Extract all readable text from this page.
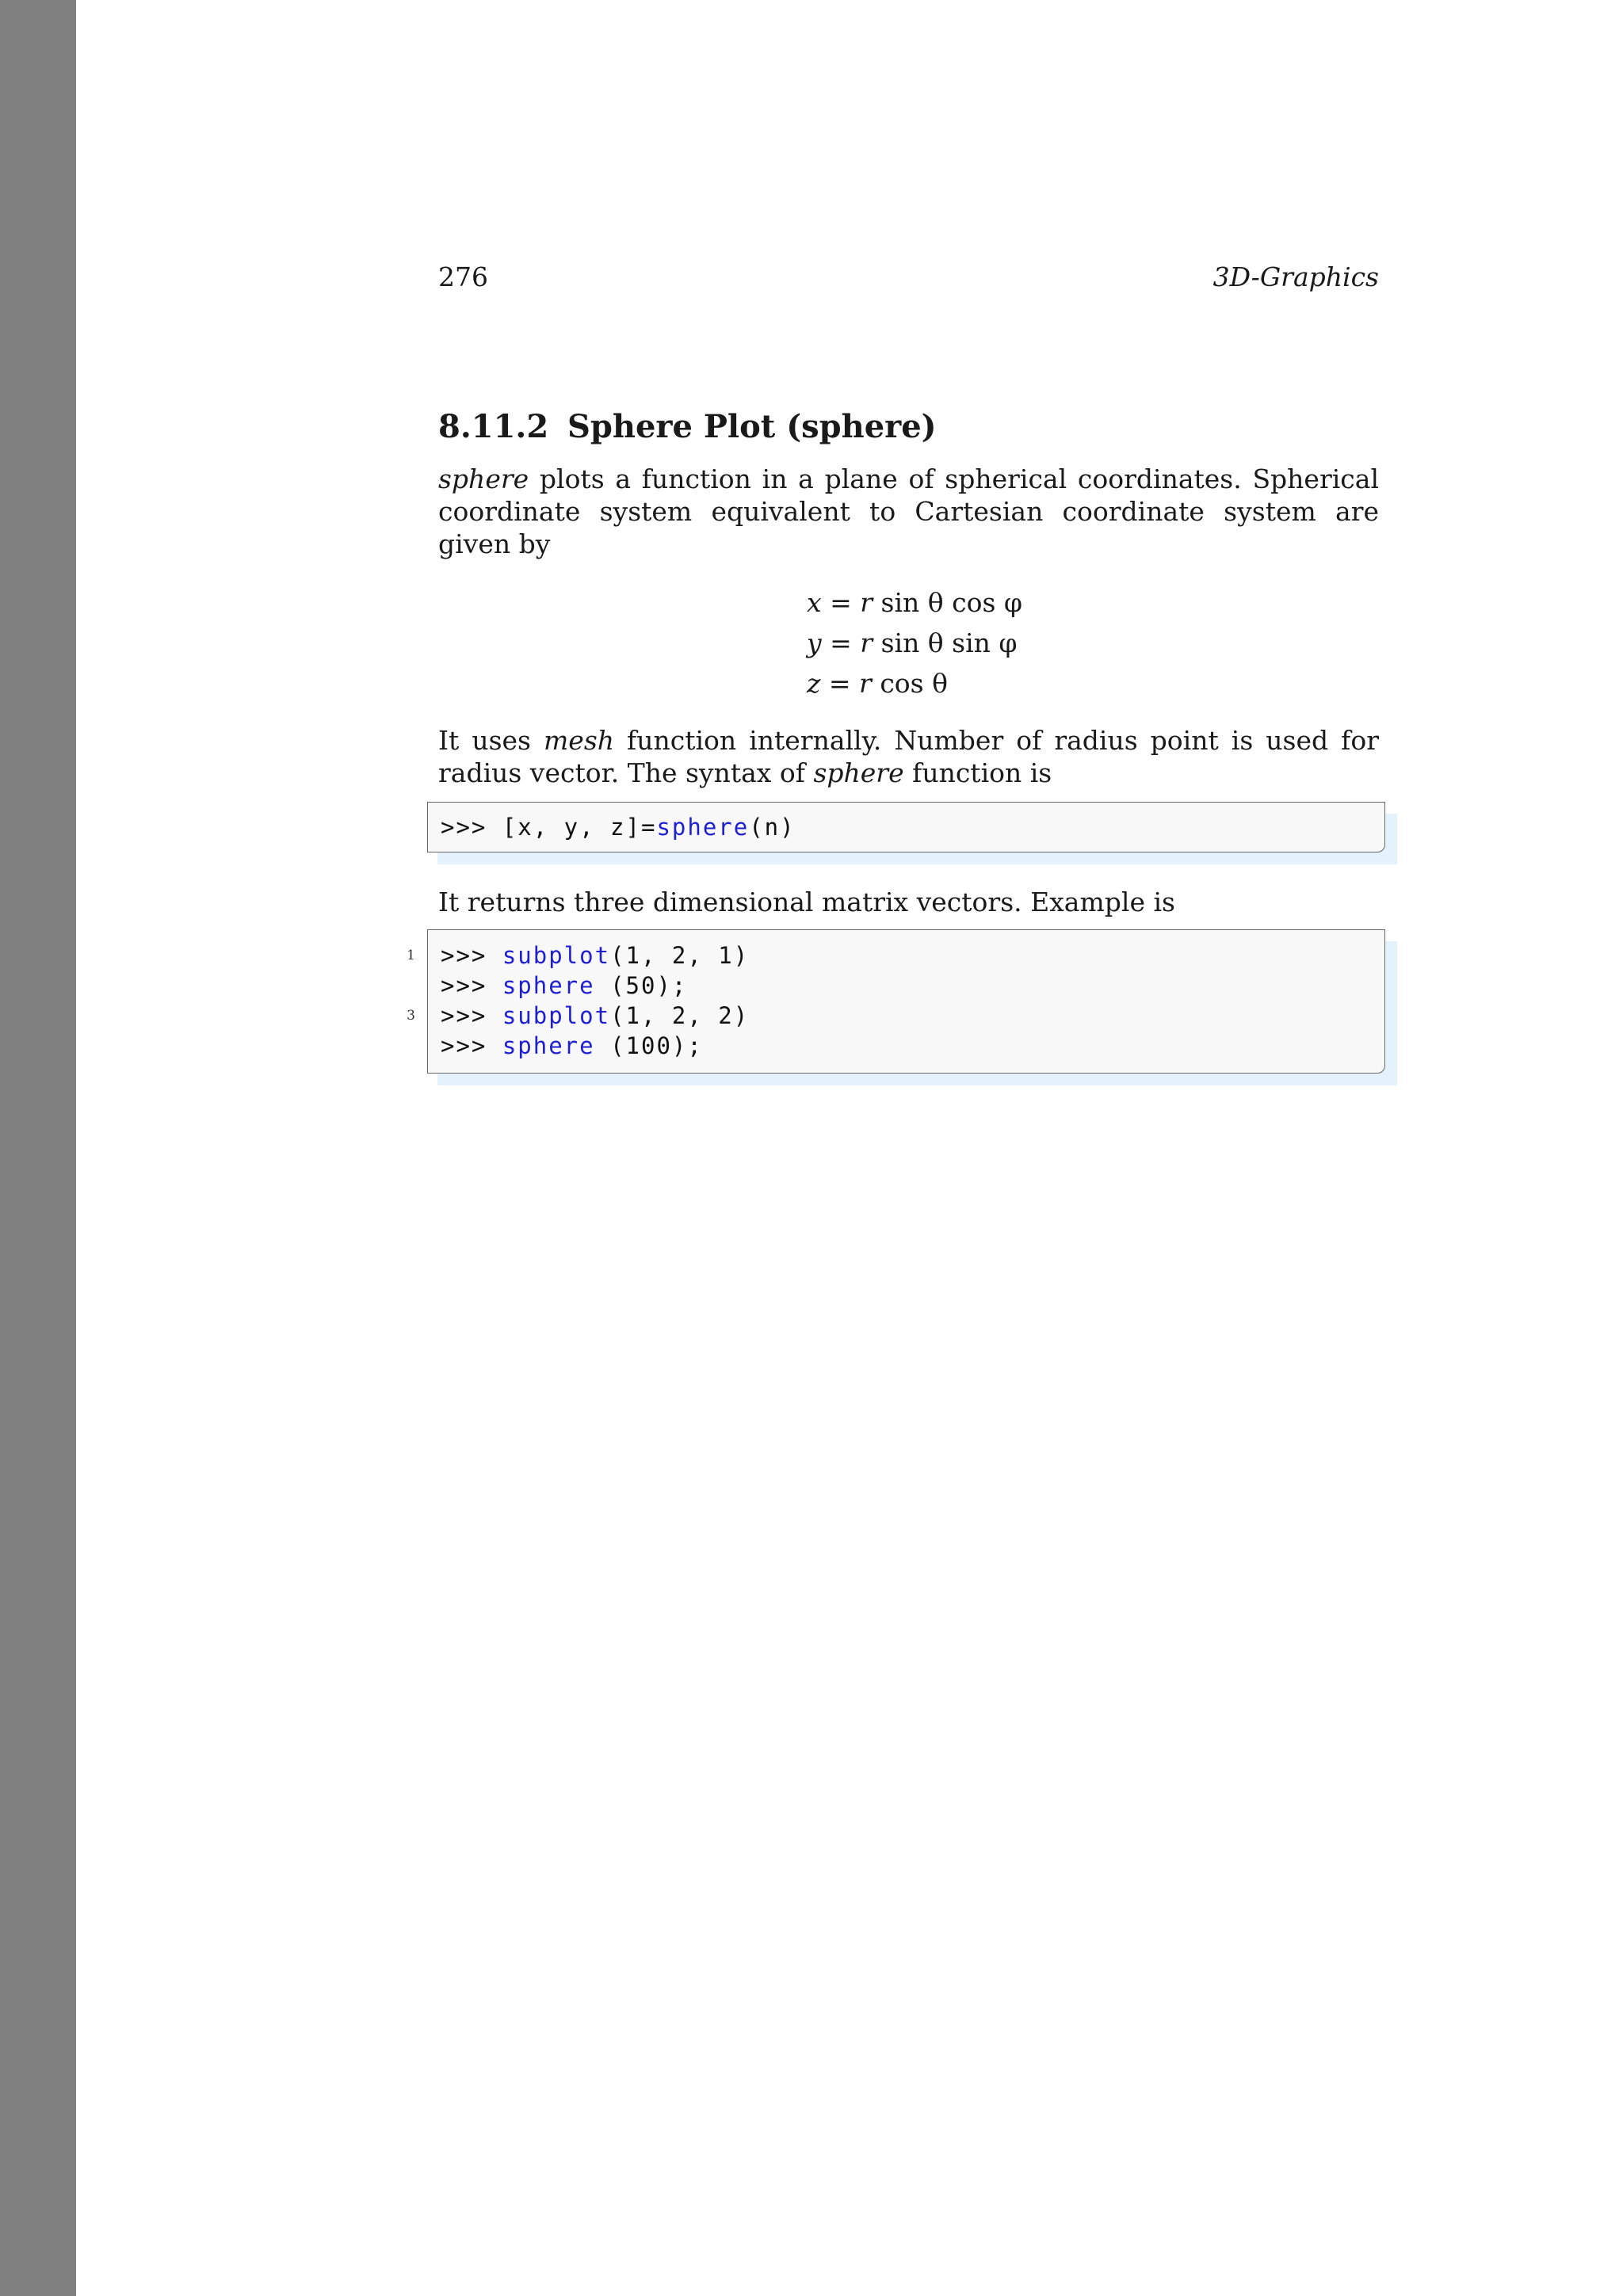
276	3D-Graphics
8.11.2 Sphere Plot (sphere)

sphere plots a function in a plane of spherical coordinates. Spherical coordinate system equivalent to Cartesian coordinate system are given by

x = r sin θ cos φ
y = r sin θ sin φ
z = r cos θ

It uses mesh function internally. Number of radius point is used for radius vector. The syntax of sphere function is

>>> [x, y, z]=sphere(n)

It returns three dimensional matrix vectors. Example is

1 >>> subplot(1, 2, 1)
>>> sphere (50);
3 >>> subplot(1, 2, 2)
>>> sphere (100);
